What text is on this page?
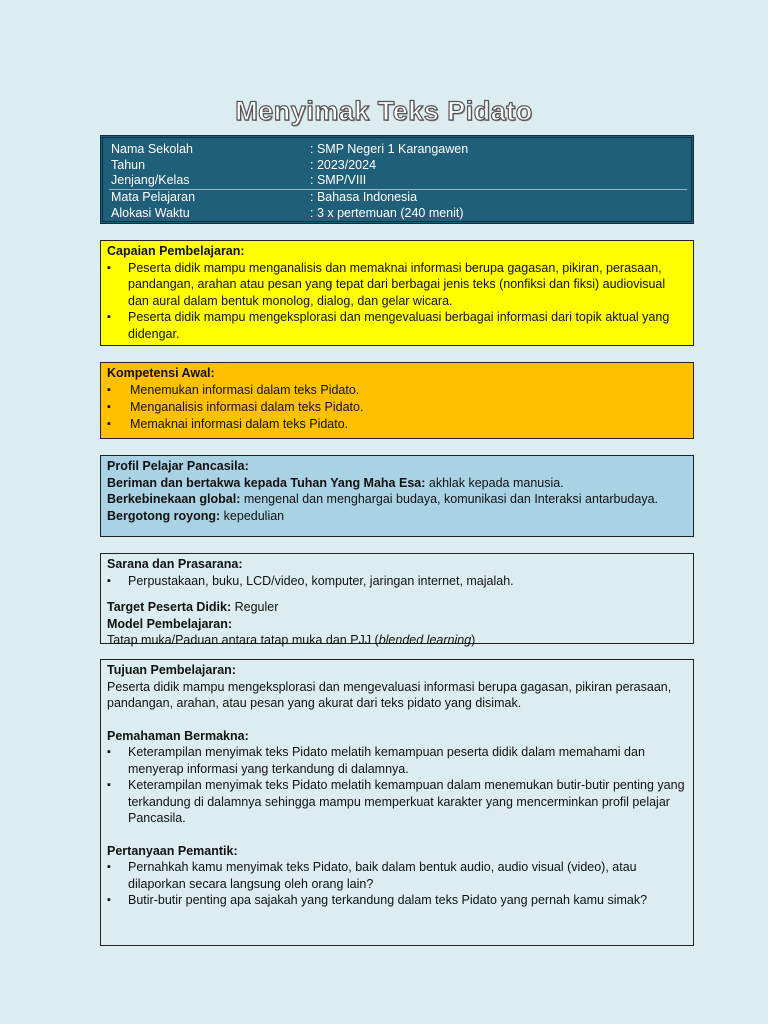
Menyimak Teks Pidato
Nama Sekolah	: SMP Negeri 1 Karangawen
Tahun	: 2023/2024
Jenjang/Kelas	: SMP/VIII
Mata Pelajaran	: Bahasa Indonesia
Alokasi Waktu	: 3 x pertemuan (240 menit)
Capaian Pembelajaran:
▪ Peserta didik mampu menganalisis dan memaknai informasi berupa gagasan, pikiran, perasaan, pandangan, arahan atau pesan yang tepat dari berbagai jenis teks (nonfiksi dan fiksi) audiovisual dan aural dalam bentuk monolog, dialog, dan gelar wicara.
▪ Peserta didik mampu mengeksplorasi dan mengevaluasi berbagai informasi dari topik aktual yang didengar.
Kompetensi Awal:
▪ Menemukan informasi dalam teks Pidato.
▪ Menganalisis informasi dalam teks Pidato.
▪ Memaknai informasi dalam teks Pidato.
Profil Pelajar Pancasila:
Beriman dan bertakwa kepada Tuhan Yang Maha Esa: akhlak kepada manusia.
Berkebinekaan global: mengenal dan menghargai budaya, komunikasi dan Interaksi antarbudaya.
Bergotong royong: kepedulian
Sarana dan Prasarana:
▪ Perpustakaan, buku, LCD/video, komputer, jaringan internet, majalah.
Target Peserta Didik: Reguler
Model Pembelajaran:
Tatap muka/Paduan antara tatap muka dan PJJ (blended learning)
Tujuan Pembelajaran:
Peserta didik mampu mengeksplorasi dan mengevaluasi informasi berupa gagasan, pikiran perasaan, pandangan, arahan, atau pesan yang akurat dari teks pidato yang disimak.
Pemahaman Bermakna:
▪ Keterampilan menyimak teks Pidato melatih kemampuan peserta didik dalam memahami dan menyerap informasi yang terkandung di dalamnya.
▪ Keterampilan menyimak teks Pidato melatih kemampuan dalam menemukan butir-butir penting yang terkandung di dalamnya sehingga mampu memperkuat karakter yang mencerminkan profil pelajar Pancasila.
Pertanyaan Pemantik:
▪ Pernahkah kamu menyimak teks Pidato, baik dalam bentuk audio, audio visual (video), atau dilaporkan secara langsung oleh orang lain?
▪ Butir-butir penting apa sajakah yang terkandung dalam teks Pidato yang pernah kamu simak?
